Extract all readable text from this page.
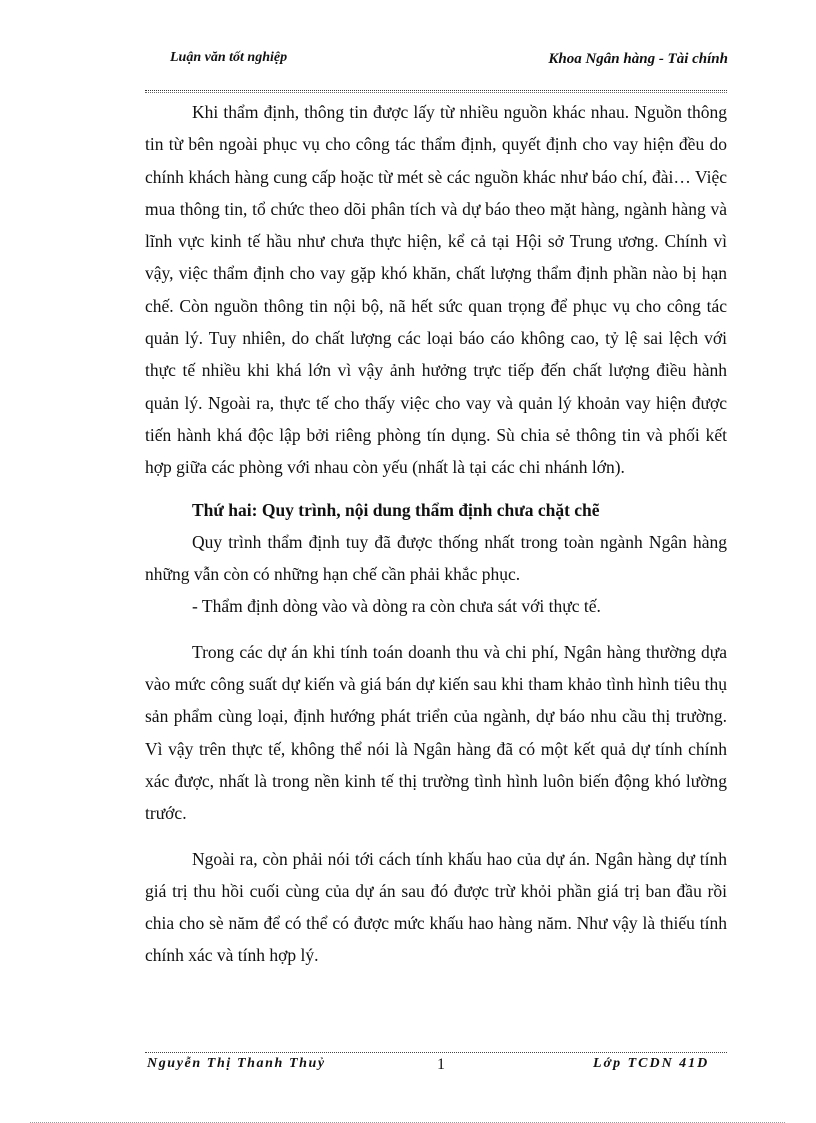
Luận văn tốt nghiệp	Khoa Ngân hàng - Tài chính

Khi thẩm định, thông tin được lấy từ nhiều nguồn khác nhau. Nguồn thông tin từ bên ngoài phục vụ cho công tác thẩm định, quyết định cho vay hiện đều do chính khách hàng cung cấp hoặc từ mét sè các nguồn khác như báo chí, đài… Việc mua thông tin, tổ chức theo dõi phân tích và dự báo theo mặt hàng, ngành hàng và lĩnh vực kinh tế hầu như chưa thực hiện, kể cả tại Hội sở Trung ương. Chính vì vậy, việc thẩm định cho vay gặp khó khăn, chất lượng thẩm định phần nào bị hạn chế. Còn nguồn thông tin nội bộ, nã hết sức quan trọng để phục vụ cho công tác quản lý. Tuy nhiên, do chất lượng các loại báo cáo không cao, tỷ lệ sai lệch với thực tế nhiều khi khá lớn vì vậy ảnh hưởng trực tiếp đến chất lượng điều hành quản lý. Ngoài ra, thực tế cho thấy việc cho vay và quản lý khoản vay hiện được tiến hành khá độc lập bởi riêng phòng tín dụng. Sù chia sẻ thông tin và phối kết hợp giữa các phòng với nhau còn yếu (nhất là tại các chi nhánh lớn).

Thứ hai: Quy trình, nội dung thẩm định chưa chặt chẽ

Quy trình thẩm định tuy đã được thống nhất trong toàn ngành Ngân hàng những vẫn còn có những hạn chế cần phải khắc phục.

- Thẩm định dòng vào và dòng ra còn chưa sát với thực tế.

Trong các dự án khi tính toán doanh thu và chi phí, Ngân hàng thường dựa vào mức công suất dự kiến và giá bán dự kiến sau khi tham khảo tình hình tiêu thụ sản phẩm cùng loại, định hướng phát triển của ngành, dự báo nhu cầu thị trường. Vì vậy trên thực tế, không thể nói là Ngân hàng đã có một kết quả dự tính chính xác được, nhất là trong nền kinh tế thị trường tình hình luôn biến động khó lường trước.

Ngoài ra, còn phải nói tới cách tính khấu hao của dự án. Ngân hàng dự tính giá trị thu hồi cuối cùng của dự án sau đó được trừ khỏi phần giá trị ban đầu rồi chia cho sè năm để có thể có được mức khấu hao hàng năm. Như vậy là thiếu tính chính xác và tính hợp lý.

Nguyễn Thị Thanh Thuỷ	1	Lớp TCDN 41D
